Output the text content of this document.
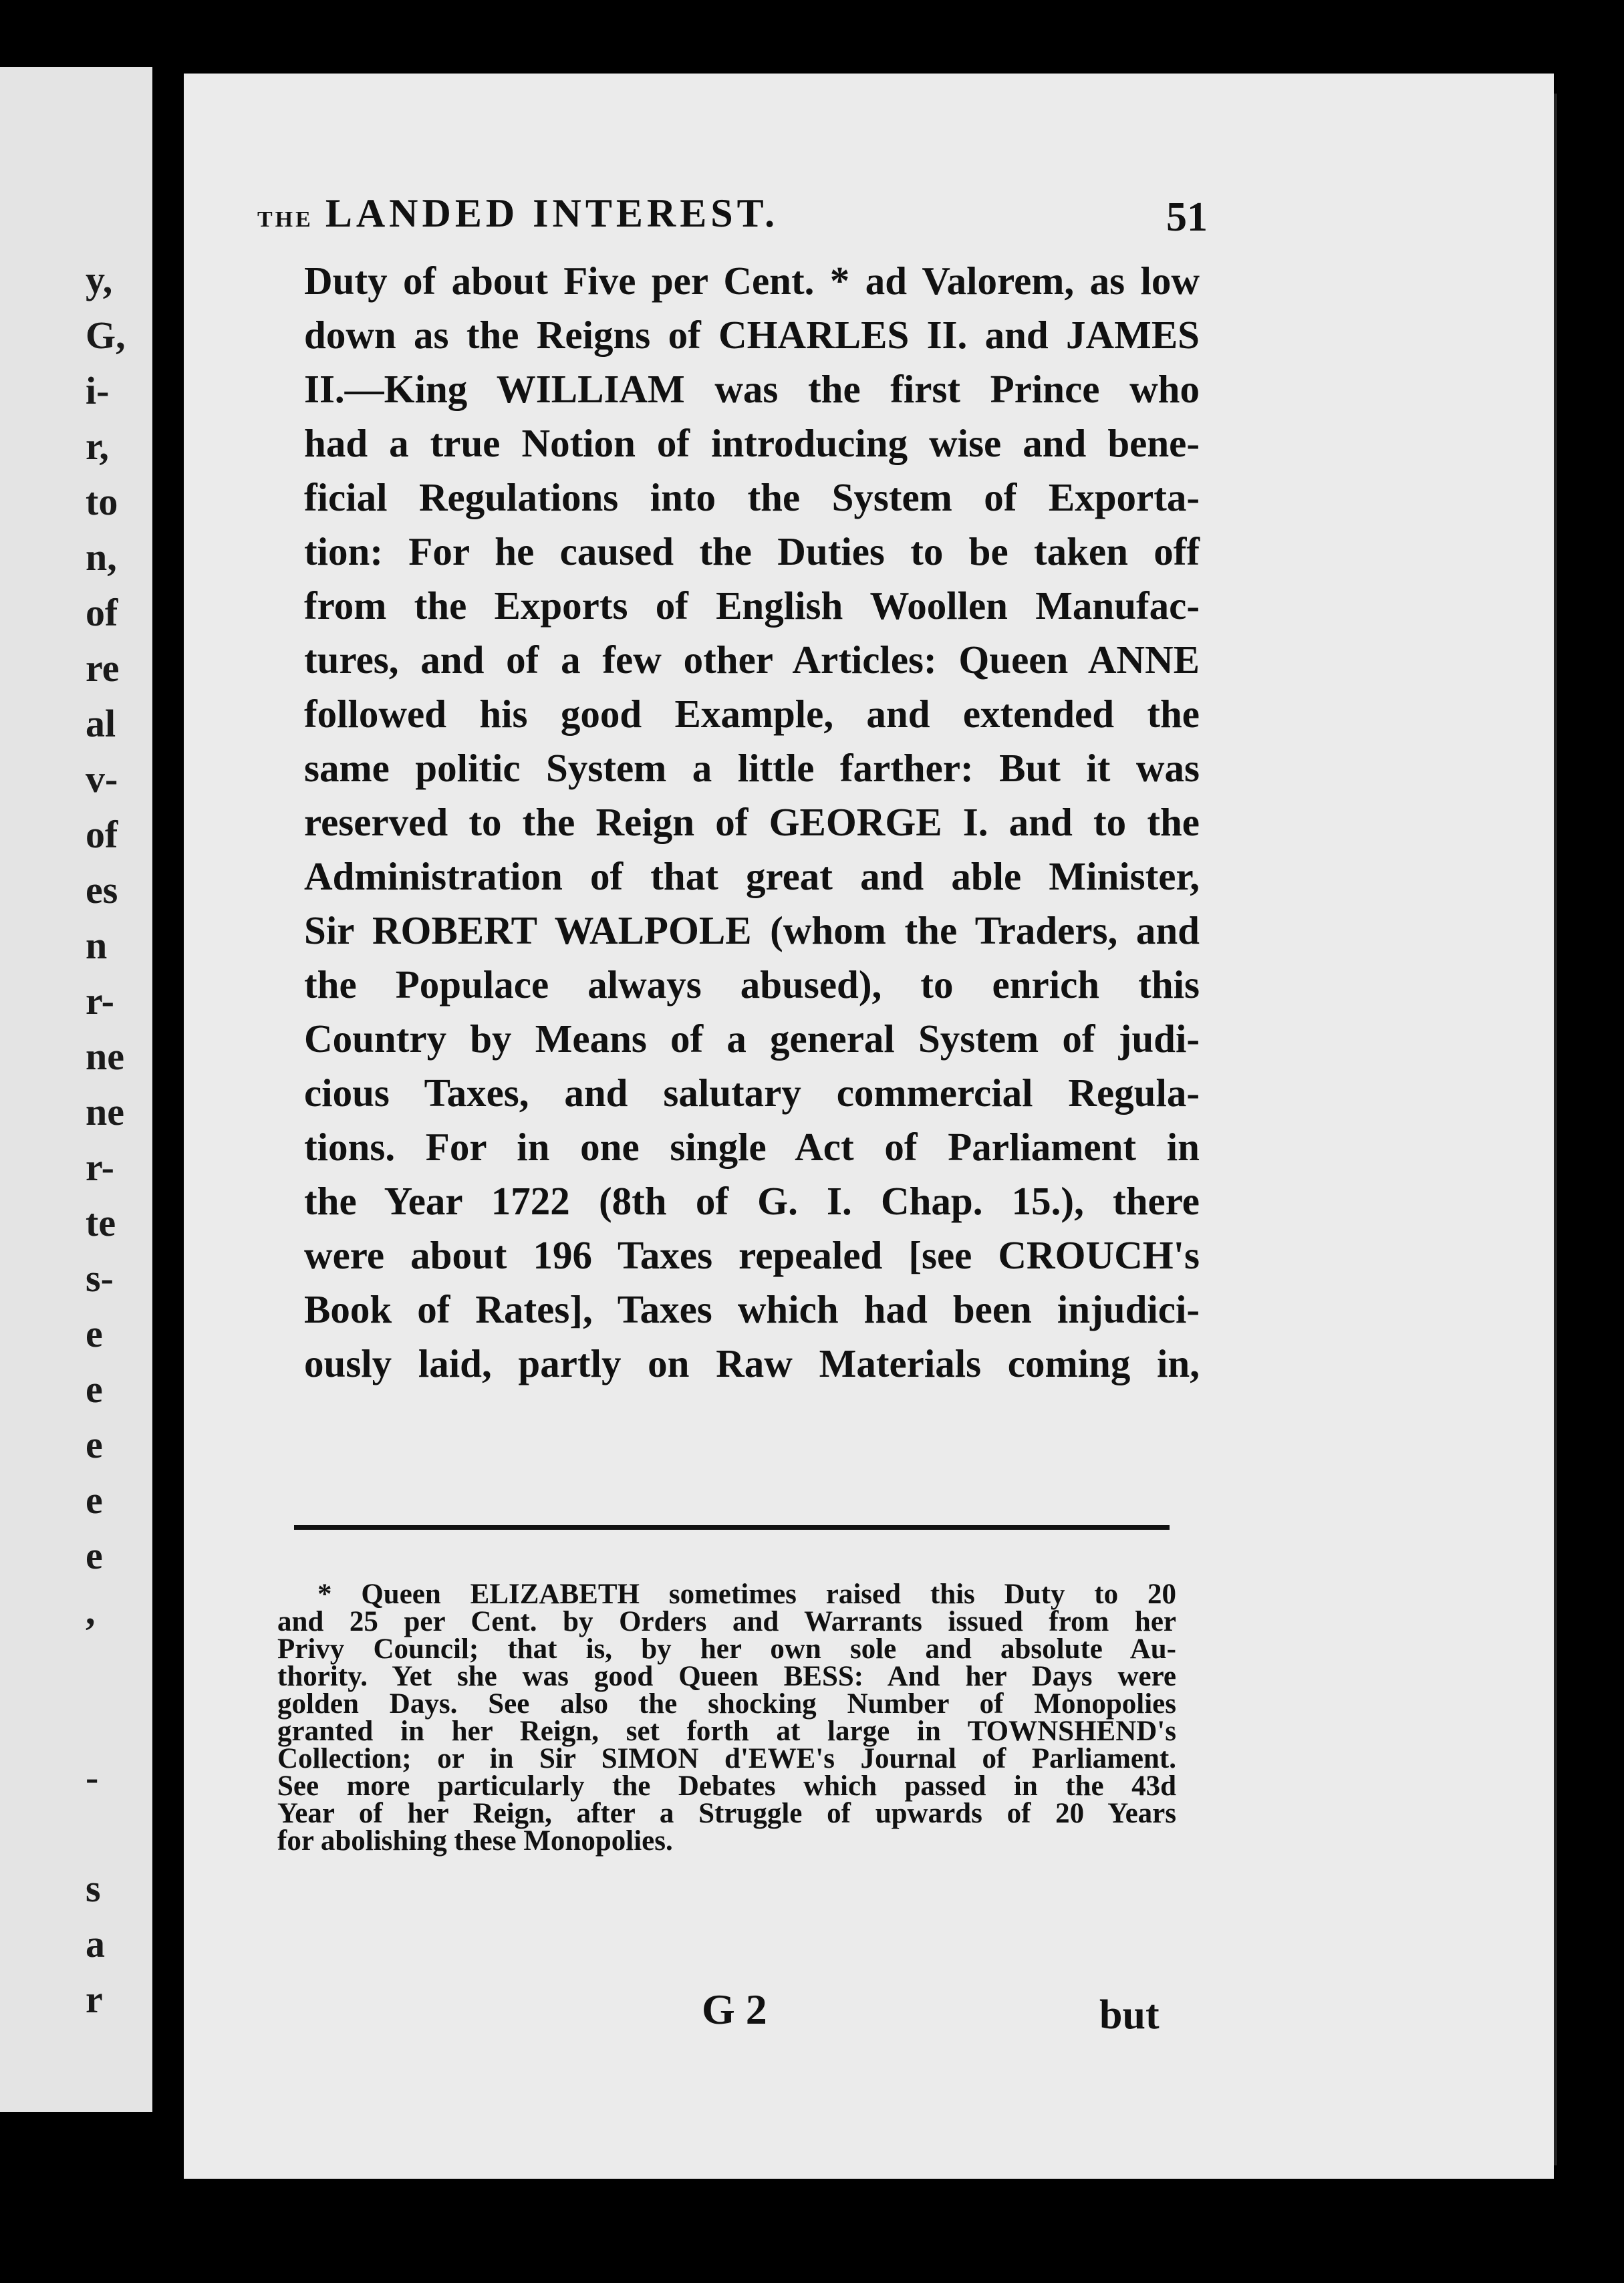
y,
G,
i-
r,
to
n,
of
re
al
v-
of
es
n
r-
ne
ne
r-
te
s-
e
e
e
e
e
,
-
s
a
r
THE LANDED INTEREST.	51
Duty of about Five per Cent. * ad Valorem, as low
down as the Reigns of CHARLES II. and JAMES
II.—King WILLIAM was the first Prince who
had a true Notion of introducing wise and bene-
ficial Regulations into the System of Exporta-
tion: For he caused the Duties to be taken off
from the Exports of English Woollen Manufac-
tures, and of a few other Articles: Queen ANNE
followed his good Example, and extended the
same politic System a little farther: But it was
reserved to the Reign of GEORGE I. and to the
Administration of that great and able Minister,
Sir ROBERT WALPOLE (whom the Traders, and
the Populace always abused), to enrich this
Country by Means of a general System of judi-
cious Taxes, and salutary commercial Regula-
tions. For in one single Act of Parliament in
the Year 1722 (8th of G. I. Chap. 15.), there
were about 196 Taxes repealed [see CROUCH's
Book of Rates], Taxes which had been injudici-
ously laid, partly on Raw Materials coming in,
* Queen ELIZABETH sometimes raised this Duty to 20
and 25 per Cent. by Orders and Warrants issued from her
Privy Council; that is, by her own sole and absolute Au-
thority. Yet she was good Queen BESS: And her Days were
golden Days. See also the shocking Number of Monopolies
granted in her Reign, set forth at large in TOWNSHEND's
Collection; or in Sir SIMON d'EWE's Journal of Parliament.
See more particularly the Debates which passed in the 43d
Year of her Reign, after a Struggle of upwards of 20 Years
for abolishing these Monopolies.
G 2	but
